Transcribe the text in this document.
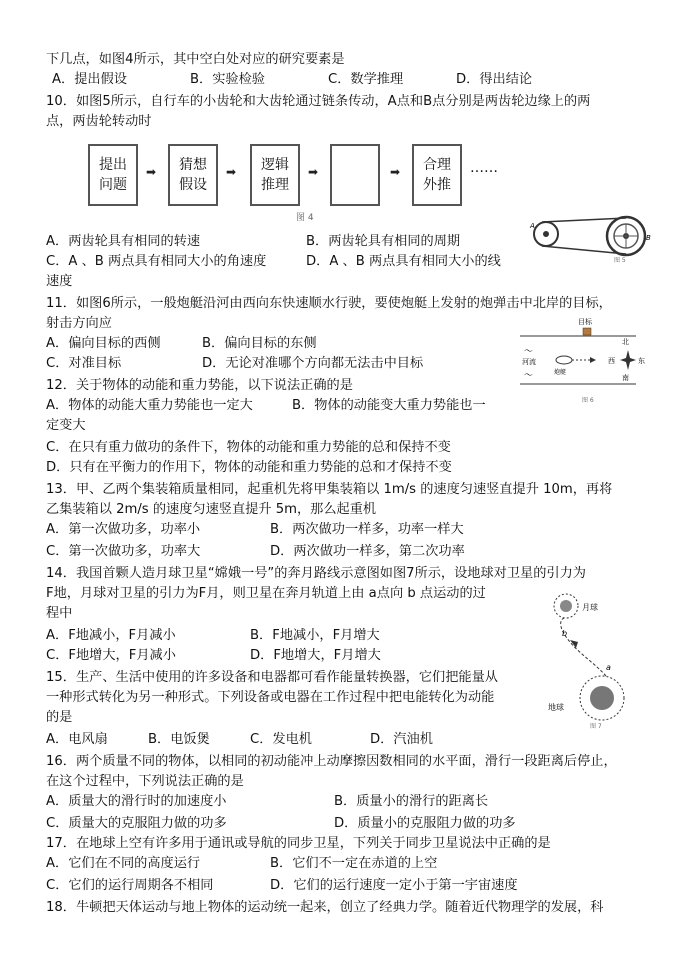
下几点，如图4所示，其中空白处对应的研究要素是
A．提出假设	B．实验检验	C．数学推理	D．得出结论
10．如图5所示，自行车的小齿轮和大齿轮通过链条传动，A点和B点分别是两齿轮边缘上的两
点，两齿轮转动时
提出
问题
➡ 猜想
假设
➡ 逻辑
推理
➡	➡ 合理
外推
……
图 4
A
B
图 5
A．两齿轮具有相同的转速	B．两齿轮具有相同的周期
C．A 、B 两点具有相同大小的角速度	D．A 、B 两点具有相同大小的线
速度
11．如图6所示，一般炮艇沿河由西向东快速顺水行驶，要使炮艇上发射的炮弹击中北岸的目标，
射击方向应
A．偏向目标的西侧	B．偏向目标的东侧
C．对准目标	D．无论对准哪个方向都无法击中目标
目标
河流
～
～	炮艇
西
北
东
南
图 6
12．关于物体的动能和重力势能，以下说法正确的是
A．物体的动能大重力势能也一定大	B．物体的动能变大重力势能也一
定变大
C．在只有重力做功的条件下，物体的动能和重力势能的总和保持不变
D．只有在平衡力的作用下，物体的动能和重力势能的总和才保持不变
13．甲、乙两个集装箱质量相同，起重机先将甲集装箱以 1m/s 的速度匀速竖直提升 10m，再将
乙集装箱以 2m/s 的速度匀速竖直提升 5m，那么起重机
A．第一次做功多，功率小	B．两次做功一样多，功率一样大
C．第一次做功多，功率大	D．两次做功一样多，第二次功率
14．我国首颗人造月球卫星“嫦娥一号”的奔月路线示意图如图7所示，设地球对卫星的引力为
F地，月球对卫星的引力为F月，则卫星在奔月轨道上由 a点向 b 点运动的过
程中
A．F地减小，F月减小	B．F地减小，F月增大
C．F地增大，F月减小	D．F地增大，F月增大
月球
地球
a
b
图 7
15．生产、生活中使用的许多设备和电器都可看作能量转换器，它们把能量从
一种形式转化为另一种形式。下列设备或电器在工作过程中把电能转化为动能
的是
A．电风扇	B．电饭煲	C．发电机	D．汽油机
16．两个质量不同的物体，以相同的初动能冲上动摩擦因数相同的水平面，滑行一段距离后停止，
在这个过程中，下列说法正确的是
A．质量大的滑行时的加速度小	B．质量小的滑行的距离长
C．质量大的克服阻力做的功多	D．质量小的克服阻力做的功多
17．在地球上空有许多用于通讯或导航的同步卫星，下列关于同步卫星说法中正确的是
A．它们在不同的高度运行	B．它们不一定在赤道的上空
C．它们的运行周期各不相同	D．它们的运行速度一定小于第一宇宙速度
18．牛顿把天体运动与地上物体的运动统一起来，创立了经典力学。随着近代物理学的发展，科
